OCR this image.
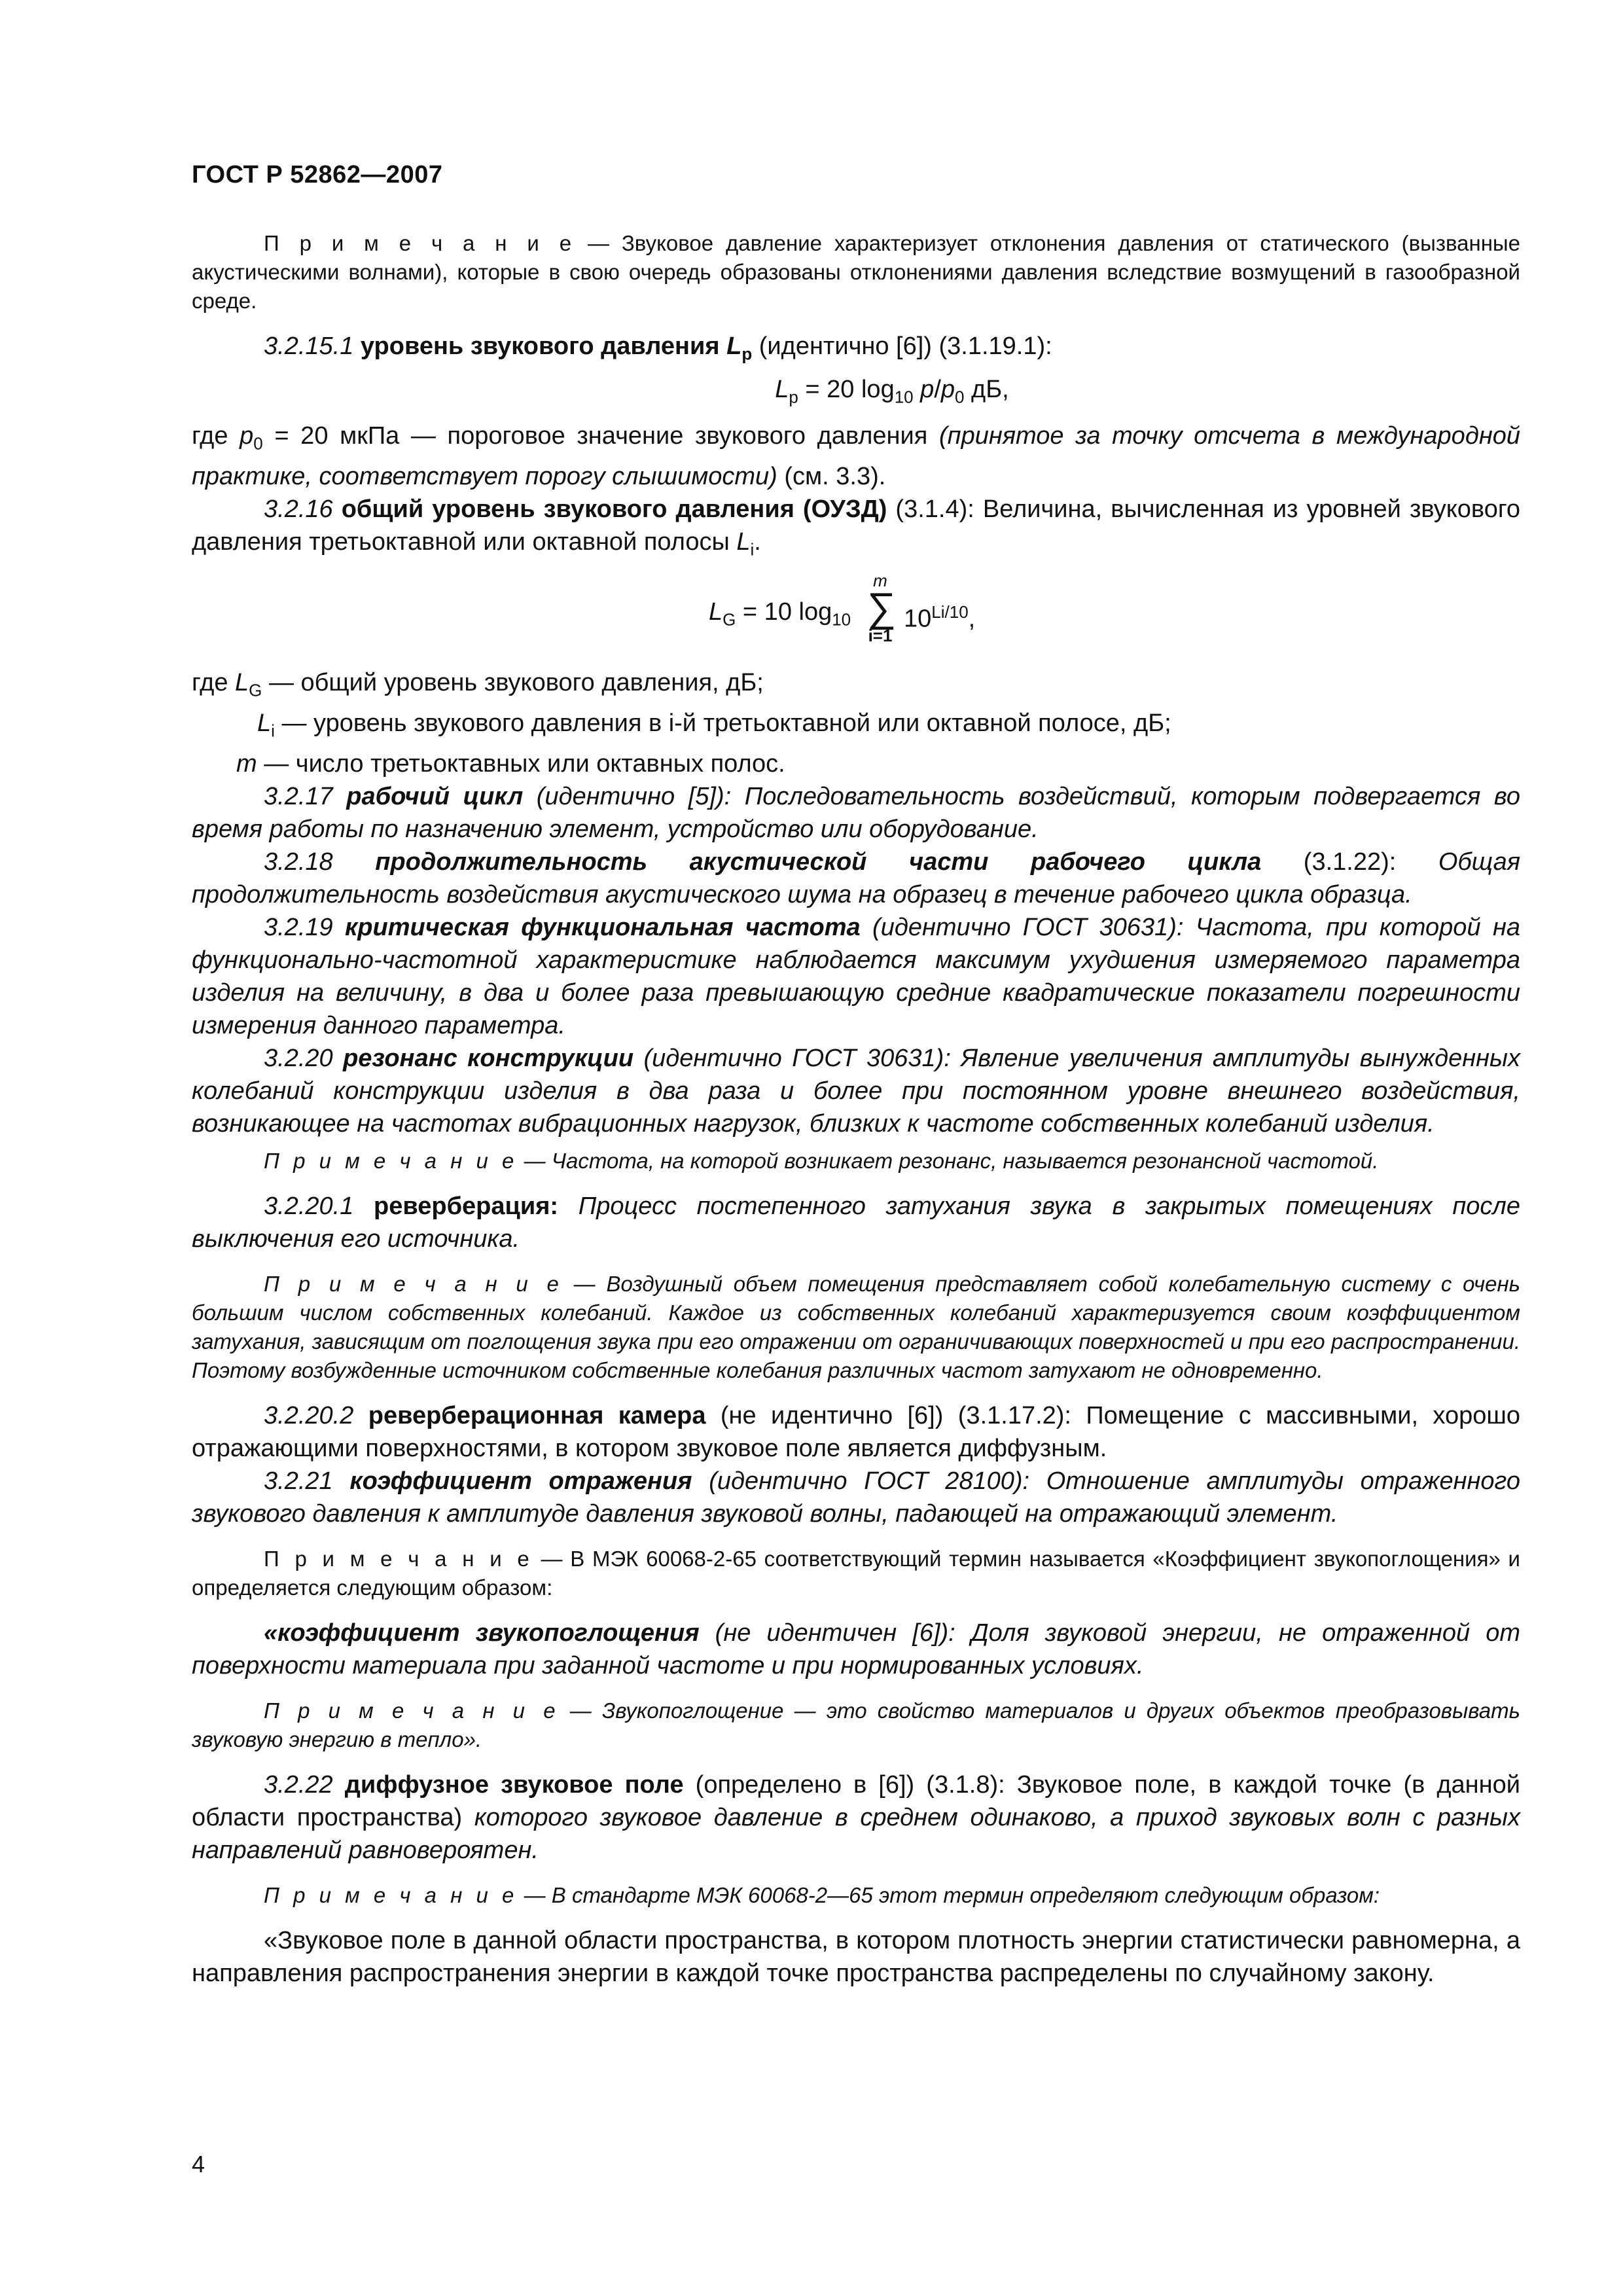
ГОСТ Р 52862—2007

П р и м е ч а н и е — Звуковое давление характеризует отклонения давления от статического (вызванные акустическими волнами), которые в свою очередь образованы отклонениями давления вследствие возмущений в газообразной среде.

3.2.15.1 уровень звукового давления $L_p$ (идентично [6]) (3.1.19.1):

$L_p = 20$ $\log_{10} p/p_0$ дБ,

где $p_0 = 20$ мкПа — пороговое значение звукового давления (принятое за точку отсчета в международной практике, соответствует порогу слышимости) (см. 3.3).

3.2.16 общий уровень звукового давления (ОУЗД) (3.1.4): Величина, вычисленная из уровней звукового давления третьоктавной или октавной полосы $L_i$.

$L_G = 10$ $\log_{10}$
m
∑
i=1
$10^{Li/10}$,

где $L_G$ — общий уровень звукового давления, дБ;

$L_i$ — уровень звукового давления в i-й третьоктавной или октавной полосе, дБ;

m — число третьоктавных или октавных полос.

3.2.17 рабочий цикл (идентично [5]): Последовательность воздействий, которым подвергается во время работы по назначению элемент, устройство или оборудование.

3.2.18 продолжительность акустической части рабочего цикла (3.1.22): Общая продолжительность воздействия акустического шума на образец в течение рабочего цикла образца.

3.2.19 критическая функциональная частота (идентично ГОСТ 30631): Частота, при которой на функционально-частотной характеристике наблюдается максимум ухудшения измеряемого параметра изделия на величину, в два и более раза превышающую средние квадратические показатели погрешности измерения данного параметра.

3.2.20 резонанс конструкции (идентично ГОСТ 30631): Явление увеличения амплитуды вынужденных колебаний конструкции изделия в два раза и более при постоянном уровне внешнего воздействия, возникающее на частотах вибрационных нагрузок, близких к частоте собственных колебаний изделия.

П р и м е ч а н и е — Частота, на которой возникает резонанс, называется резонансной частотой.

3.2.20.1 реверберация: Процесс постепенного затухания звука в закрытых помещениях после выключения его источника.

П р и м е ч а н и е — Воздушный объем помещения представляет собой колебательную систему с очень большим числом собственных колебаний. Каждое из собственных колебаний характеризуется своим коэффициентом затухания, зависящим от поглощения звука при его отражении от ограничивающих поверхностей и при его распространении. Поэтому возбужденные источником собственные колебания различных частот затухают не одновременно.

3.2.20.2 реверберационная камера (не идентично [6]) (3.1.17.2): Помещение с массивными, хорошо отражающими поверхностями, в котором звуковое поле является диффузным.

3.2.21 коэффициент отражения (идентично ГОСТ 28100): Отношение амплитуды отраженного звукового давления к амплитуде давления звуковой волны, падающей на отражающий элемент.

П р и м е ч а н и е — В МЭК 60068-2-65 соответствующий термин называется «Коэффициент звукопоглощения» и определяется следующим образом:

«коэффициент звукопоглощения (не идентичен [6]): Доля звуковой энергии, не отраженной от поверхности материала при заданной частоте и при нормированных условиях.

П р и м е ч а н и е — Звукопоглощение — это свойство материалов и других объектов преобразовывать звуковую энергию в тепло».

3.2.22 диффузное звуковое поле (определено в [6]) (3.1.8): Звуковое поле, в каждой точке (в данной области пространства) которого звуковое давление в среднем одинаково, а приход звуковых волн с разных направлений равновероятен.

П р и м е ч а н и е — В стандарте МЭК 60068-2—65 этот термин определяют следующим образом:

«Звуковое поле в данной области пространства, в котором плотность энергии статистически равномерна, а направления распространения энергии в каждой точке пространства распределены по случайному закону.

4
